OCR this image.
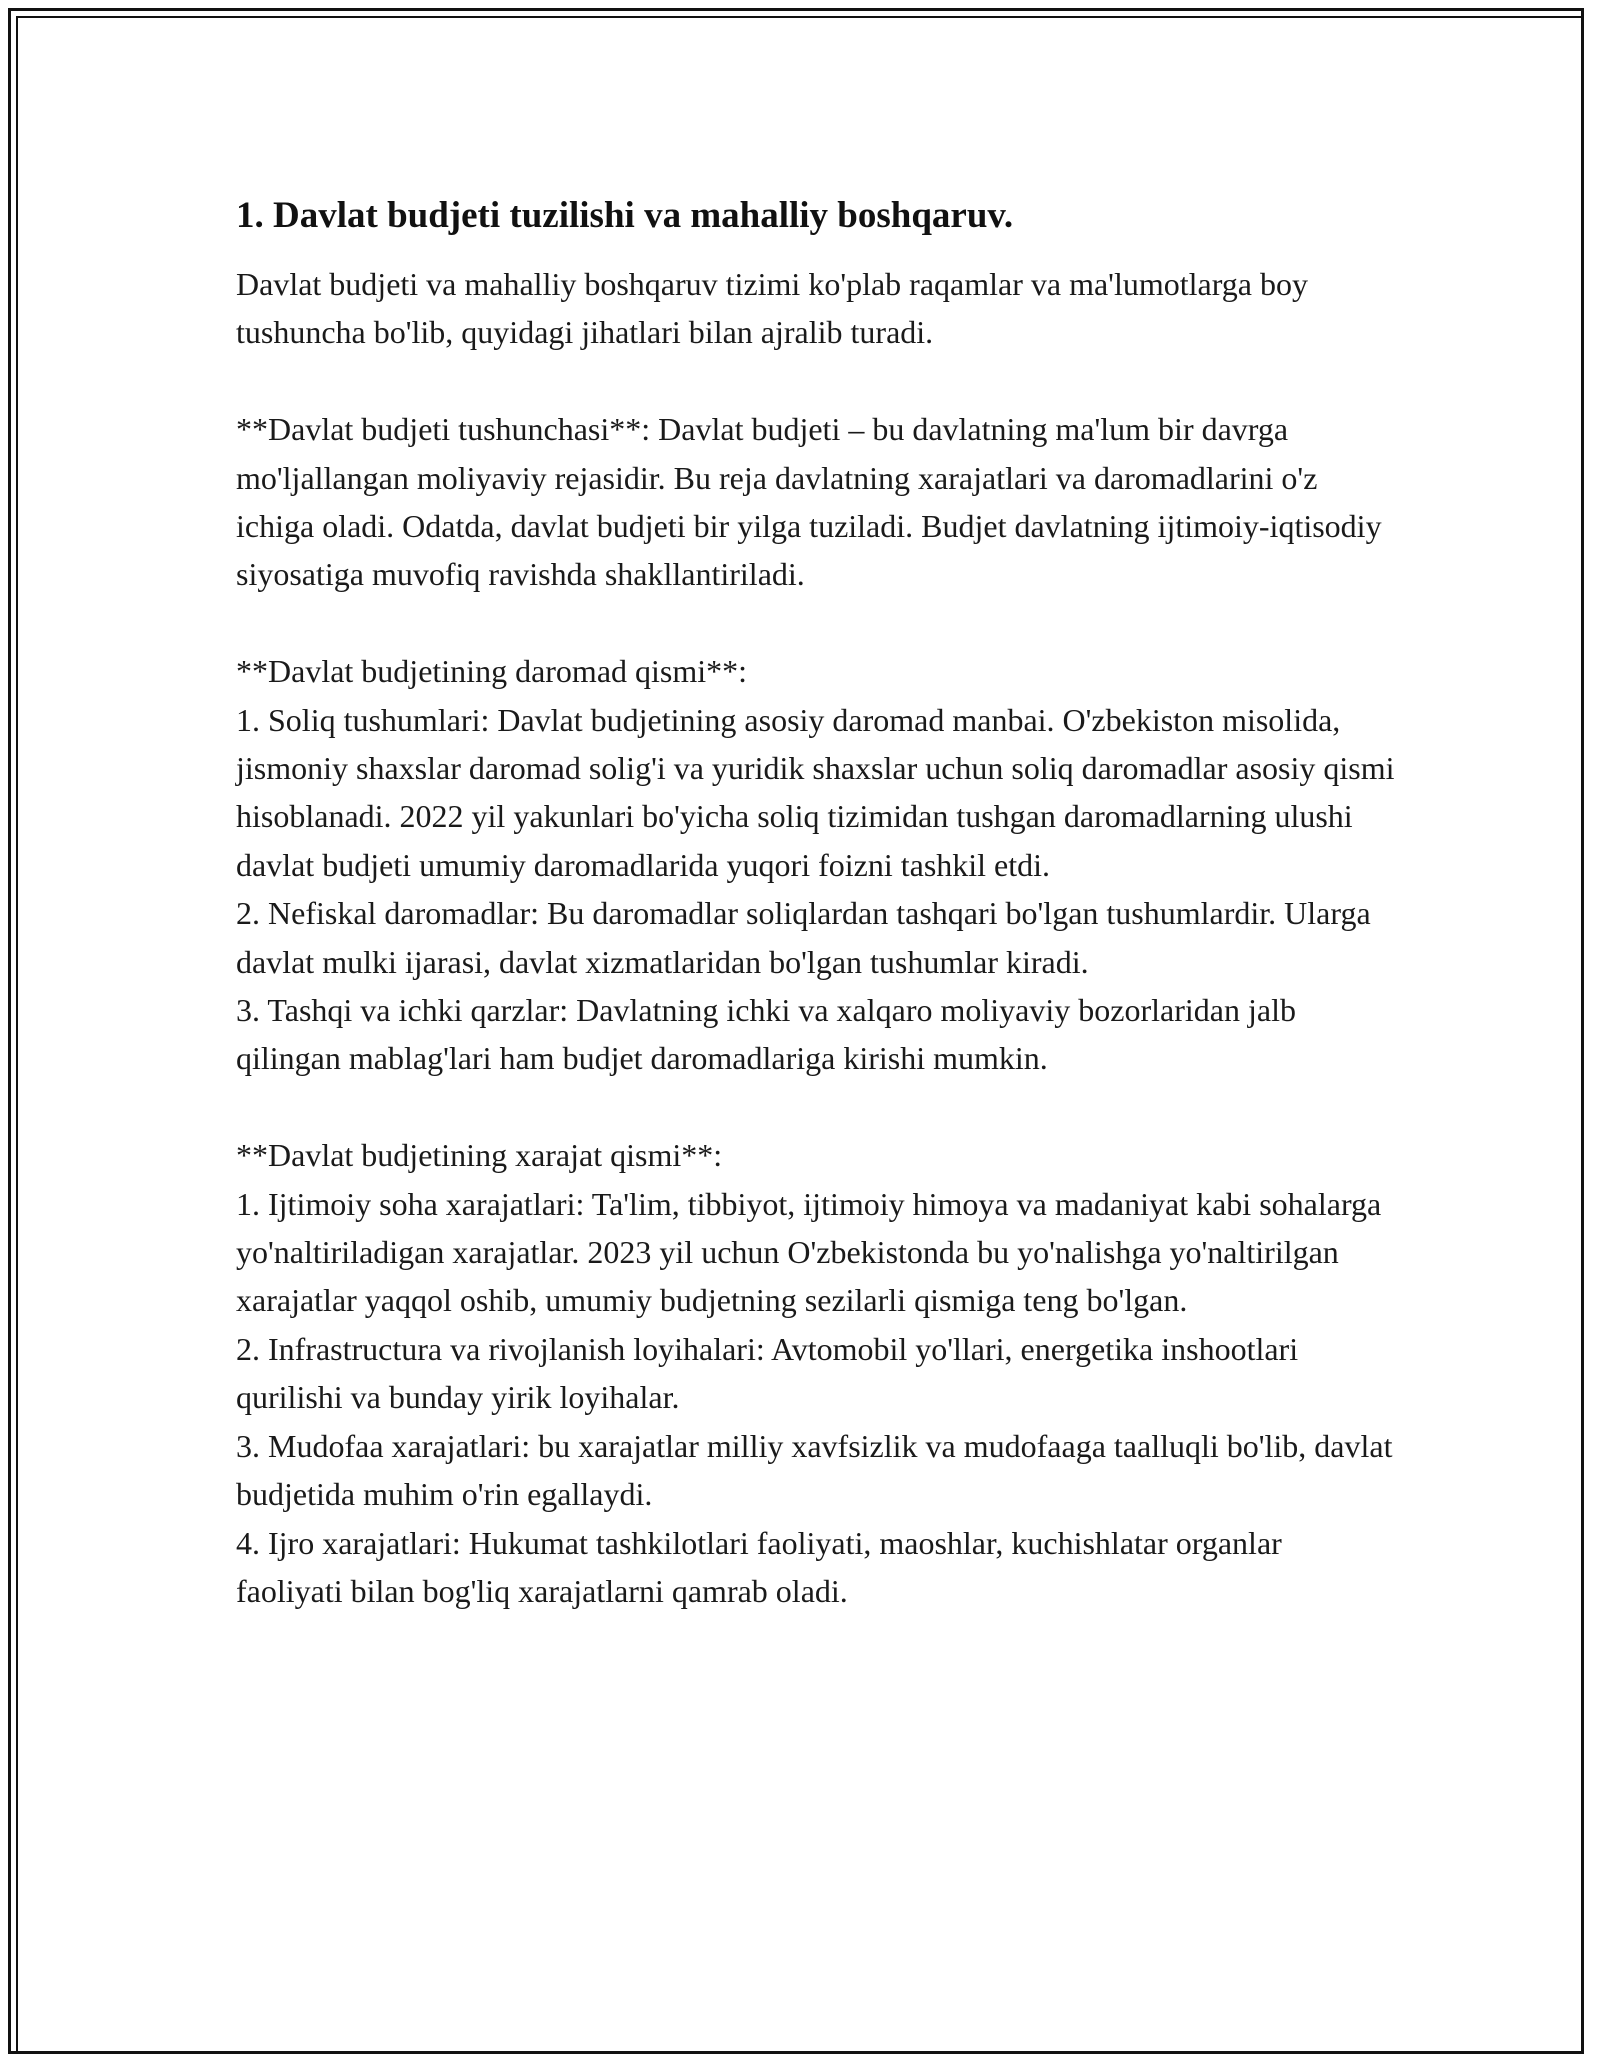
1. Davlat budjeti tuzilishi va mahalliy boshqaruv.

Davlat budjeti va mahalliy boshqaruv tizimi ko'plab raqamlar va ma'lumotlarga boy tushuncha bo'lib, quyidagi jihatlari bilan ajralib turadi.

**Davlat budjeti tushunchasi**: Davlat budjeti – bu davlatning ma'lum bir davrga mo'ljallangan moliyaviy rejasidir. Bu reja davlatning xarajatlari va daromadlarini o'z ichiga oladi. Odatda, davlat budjeti bir yilga tuziladi. Budjet davlatning ijtimoiy-iqtisodiy siyosatiga muvofiq ravishda shakllantiriladi.

**Davlat budjetining daromad qismi**:

1. Soliq tushumlari: Davlat budjetining asosiy daromad manbai. O'zbekiston misolida, jismoniy shaxslar daromad solig'i va yuridik shaxslar uchun soliq daromadlar asosiy qismi hisoblanadi. 2022 yil yakunlari bo'yicha soliq tizimidan tushgan daromadlarning ulushi davlat budjeti umumiy daromadlarida yuqori foizni tashkil etdi.

2. Nefiskal daromadlar: Bu daromadlar soliqlardan tashqari bo'lgan tushumlardir. Ularga davlat mulki ijarasi, davlat xizmatlaridan bo'lgan tushumlar kiradi.

3. Tashqi va ichki qarzlar: Davlatning ichki va xalqaro moliyaviy bozorlaridan jalb qilingan mablag'lari ham budjet daromadlariga kirishi mumkin.

**Davlat budjetining xarajat qismi**:

1. Ijtimoiy soha xarajatlari: Ta'lim, tibbiyot, ijtimoiy himoya va madaniyat kabi sohalarga yo'naltiriladigan xarajatlar. 2023 yil uchun O'zbekistonda bu yo'nalishga yo'naltirilgan xarajatlar yaqqol oshib, umumiy budjetning sezilarli qismiga teng bo'lgan.

2. Infrastructura va rivojlanish loyihalari: Avtomobil yo'llari, energetika inshootlari qurilishi va bunday yirik loyihalar.

3. Mudofaa xarajatlari: bu xarajatlar milliy xavfsizlik va mudofaaga taalluqli bo'lib, davlat budjetida muhim o'rin egallaydi.

4. Ijro xarajatlari: Hukumat tashkilotlari faoliyati, maoshlar, kuchishlatar organlar faoliyati bilan bog'liq xarajatlarni qamrab oladi.
